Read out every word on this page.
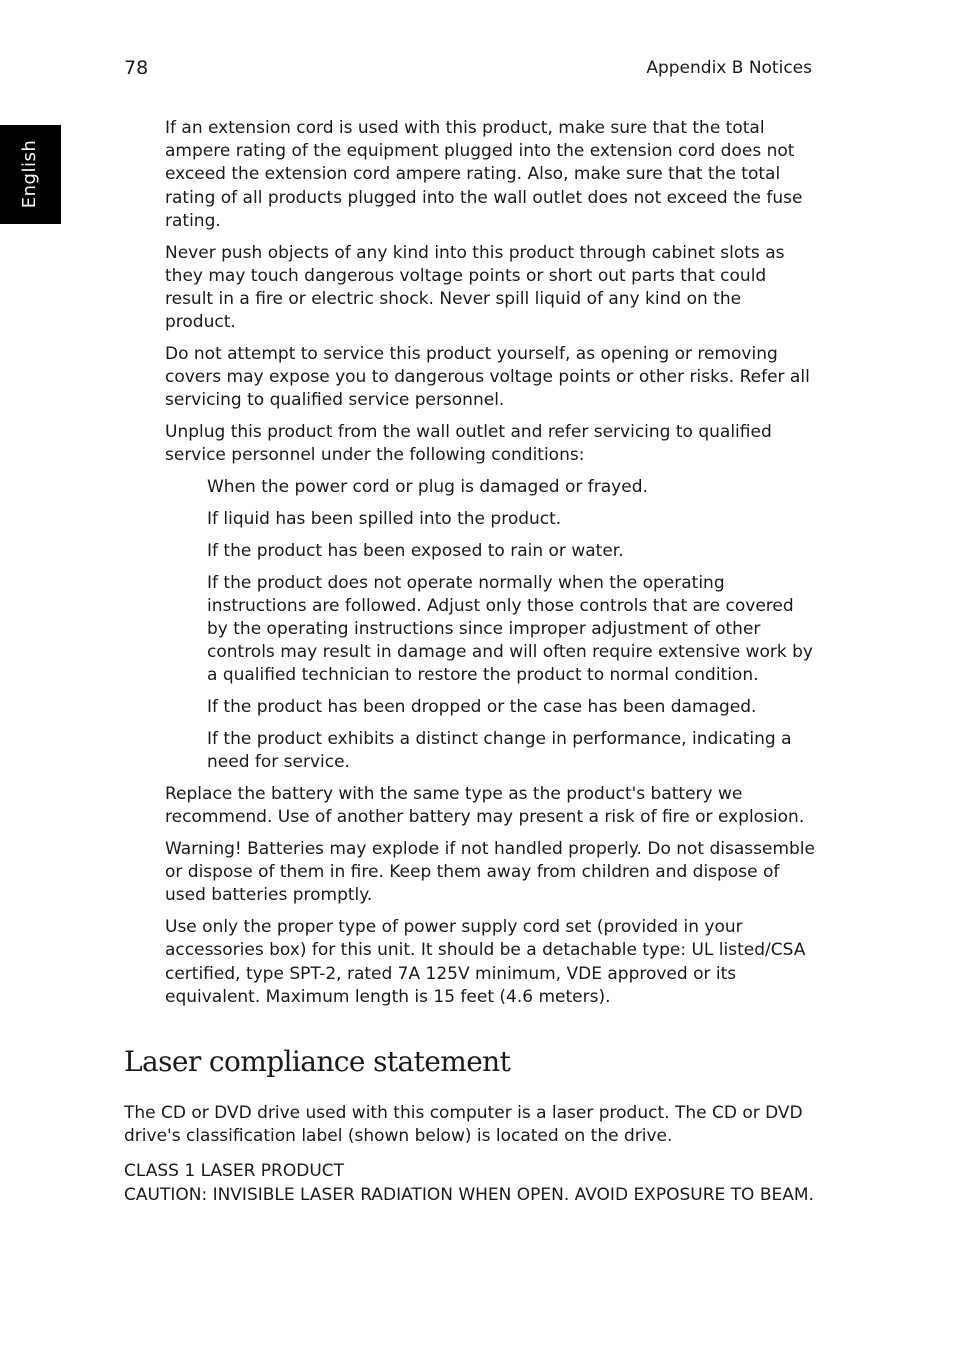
78	Appendix B Notices
English

If an extension cord is used with this product, make sure that the total ampere rating of the equipment plugged into the extension cord does not exceed the extension cord ampere rating. Also, make sure that the total rating of all products plugged into the wall outlet does not exceed the fuse rating.

Never push objects of any kind into this product through cabinet slots as they may touch dangerous voltage points or short out parts that could result in a fire or electric shock. Never spill liquid of any kind on the product.

Do not attempt to service this product yourself, as opening or removing covers may expose you to dangerous voltage points or other risks. Refer all servicing to qualified service personnel.

Unplug this product from the wall outlet and refer servicing to qualified service personnel under the following conditions:

When the power cord or plug is damaged or frayed.

If liquid has been spilled into the product.

If the product has been exposed to rain or water.

If the product does not operate normally when the operating instructions are followed. Adjust only those controls that are covered by the operating instructions since improper adjustment of other controls may result in damage and will often require extensive work by a qualified technician to restore the product to normal condition.

If the product has been dropped or the case has been damaged.

If the product exhibits a distinct change in performance, indicating a need for service.

Replace the battery with the same type as the product's battery we recommend. Use of another battery may present a risk of fire or explosion.

Warning! Batteries may explode if not handled properly. Do not disassemble or dispose of them in fire. Keep them away from children and dispose of used batteries promptly.

Use only the proper type of power supply cord set (provided in your accessories box) for this unit. It should be a detachable type: UL listed/CSA certified, type SPT-2, rated 7A 125V minimum, VDE approved or its equivalent. Maximum length is 15 feet (4.6 meters).

Laser compliance statement

The CD or DVD drive used with this computer is a laser product. The CD or DVD drive's classification label (shown below) is located on the drive.

CLASS 1 LASER PRODUCT
CAUTION: INVISIBLE LASER RADIATION WHEN OPEN. AVOID EXPOSURE TO BEAM.
